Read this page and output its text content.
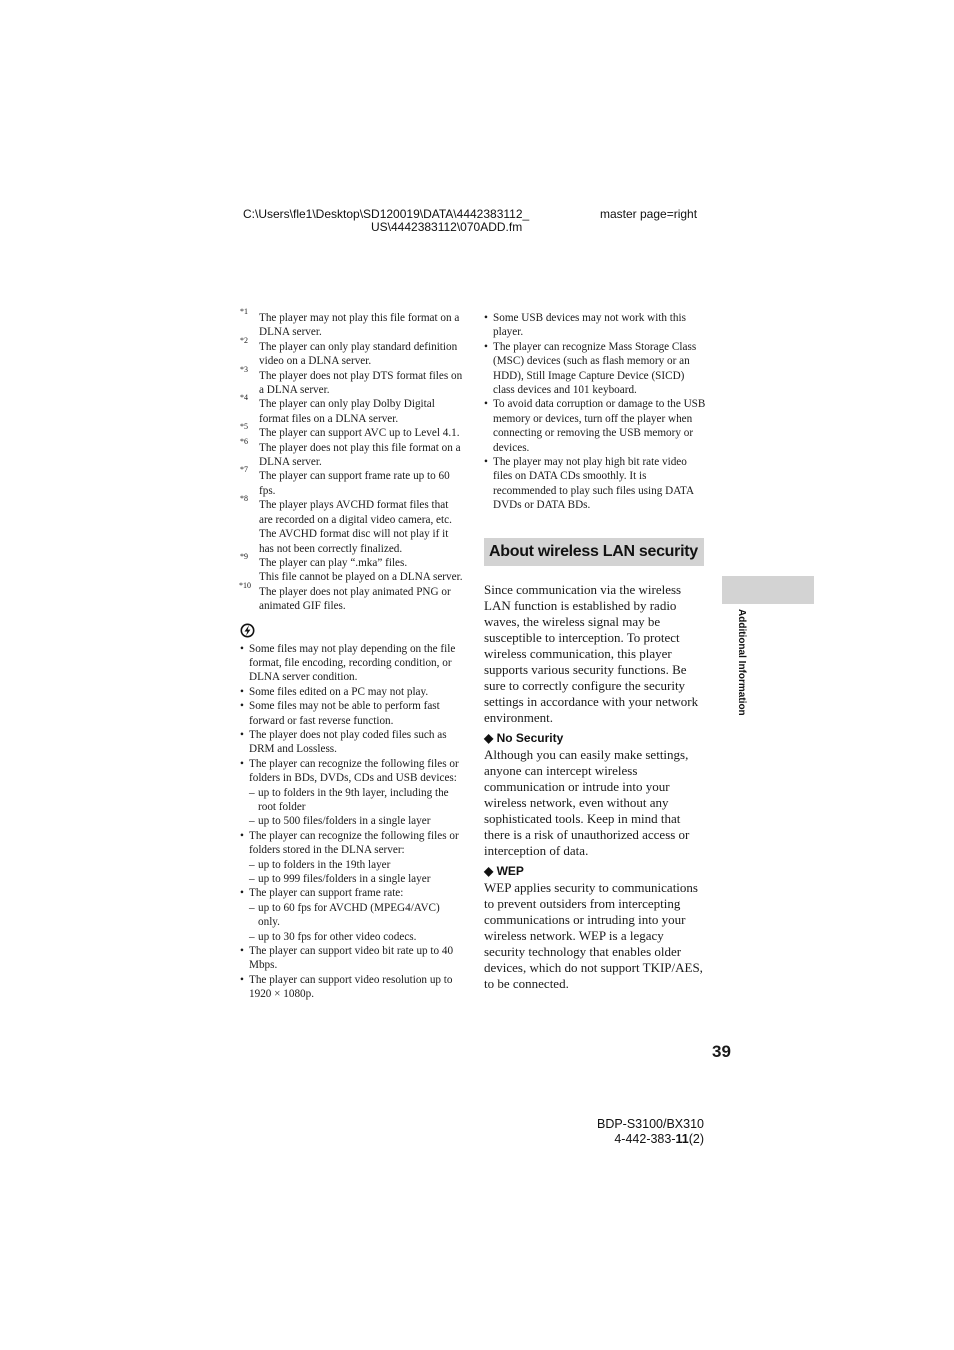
C:\Users\fle1\Desktop\SD120019\DATA\4442383112_
US\4442383112\070ADD.fm
master page=right

*1
The player may not play this file format on a DLNA server.

*2
The player can only play standard definition video on a DLNA server.

*3
The player does not play DTS format files on a DLNA server.

*4
The player can only play Dolby Digital format files on a DLNA server.

*5
The player can support AVC up to Level 4.1.

*6
The player does not play this file format on a DLNA server.

*7
The player can support frame rate up to 60 fps.

*8
The player plays AVCHD format files that are recorded on a digital video camera, etc. The AVCHD format disc will not play if it has not been correctly finalized.

*9
The player can play “.mka” files.
This file cannot be played on a DLNA server.

*10
The player does not play animated PNG or animated GIF files.

• Some files may not play depending on the file format, file encoding, recording condition, or DLNA server condition.
• Some files edited on a PC may not play.
• Some files may not be able to perform fast forward or fast reverse function.
• The player does not play coded files such as DRM and Lossless.
• The player can recognize the following files or folders in BDs, DVDs, CDs and USB devices:
– up to folders in the 9th layer, including the root folder
– up to 500 files/folders in a single layer
• The player can recognize the following files or folders stored in the DLNA server:
– up to folders in the 19th layer
– up to 999 files/folders in a single layer
• The player can support frame rate:
– up to 60 fps for AVCHD (MPEG4/AVC) only.
– up to 30 fps for other video codecs.
• The player can support video bit rate up to 40 Mbps.
• The player can support video resolution up to 1920 × 1080p.
• Some USB devices may not work with this player.
• The player can recognize Mass Storage Class (MSC) devices (such as flash memory or an HDD), Still Image Capture Device (SICD) class devices and 101 keyboard.
• To avoid data corruption or damage to the USB memory or devices, turn off the player when connecting or removing the USB memory or devices.
• The player may not play high bit rate video files on DATA CDs smoothly. It is recommended to play such files using DATA DVDs or DATA BDs.
About wireless LAN security
Since communication via the wireless LAN function is established by radio waves, the wireless signal may be susceptible to interception. To protect wireless communication, this player supports various security functions. Be sure to correctly configure the security settings in accordance with your network environment.
◆ No Security
Although you can easily make settings, anyone can intercept wireless communication or intrude into your wireless network, even without any sophisticated tools. Keep in mind that there is a risk of unauthorized access or interception of data.
◆ WEP
WEP applies security to communications to prevent outsiders from intercepting communications or intruding into your wireless network. WEP is a legacy security technology that enables older devices, which do not support TKIP/AES, to be connected.
Additional Information
39
BDP-S3100/BX310
4-442-383-11(2)
